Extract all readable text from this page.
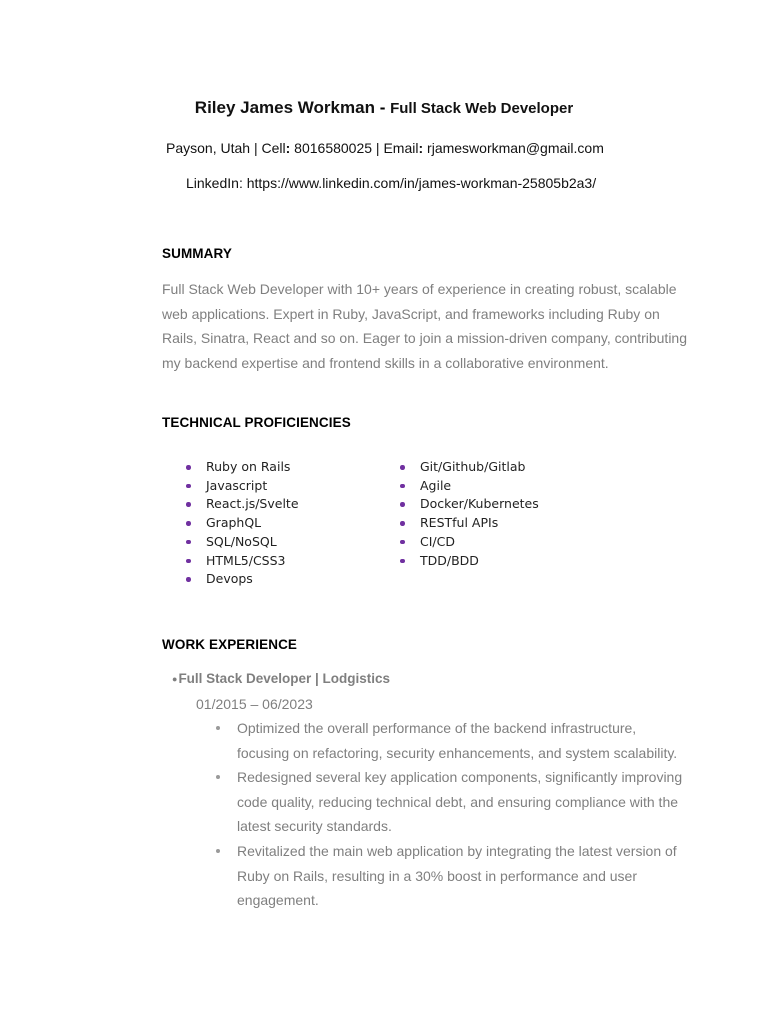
Riley James Workman - Full Stack Web Developer
Payson, Utah | Cell: 8016580025 | Email: rjamesworkman@gmail.com
LinkedIn: https://www.linkedin.com/in/james-workman-25805b2a3/
SUMMARY
Full Stack Web Developer with 10+ years of experience in creating robust, scalable web applications. Expert in Ruby, JavaScript, and frameworks including Ruby on Rails, Sinatra, React and so on. Eager to join a mission-driven company, contributing my backend expertise and frontend skills in a collaborative environment.
TECHNICAL PROFICIENCIES
Ruby on Rails
Javascript
React.js/Svelte
GraphQL
SQL/NoSQL
HTML5/CSS3
Devops
Git/Github/Gitlab
Agile
Docker/Kubernetes
RESTful APIs
CI/CD
TDD/BDD
WORK EXPERIENCE
●Full Stack Developer | Lodgistics
01/2015 – 06/2023
Optimized the overall performance of the backend infrastructure, focusing on refactoring, security enhancements, and system scalability.
Redesigned several key application components, significantly improving code quality, reducing technical debt, and ensuring compliance with the latest security standards.
Revitalized the main web application by integrating the latest version of Ruby on Rails, resulting in a 30% boost in performance and user engagement.
